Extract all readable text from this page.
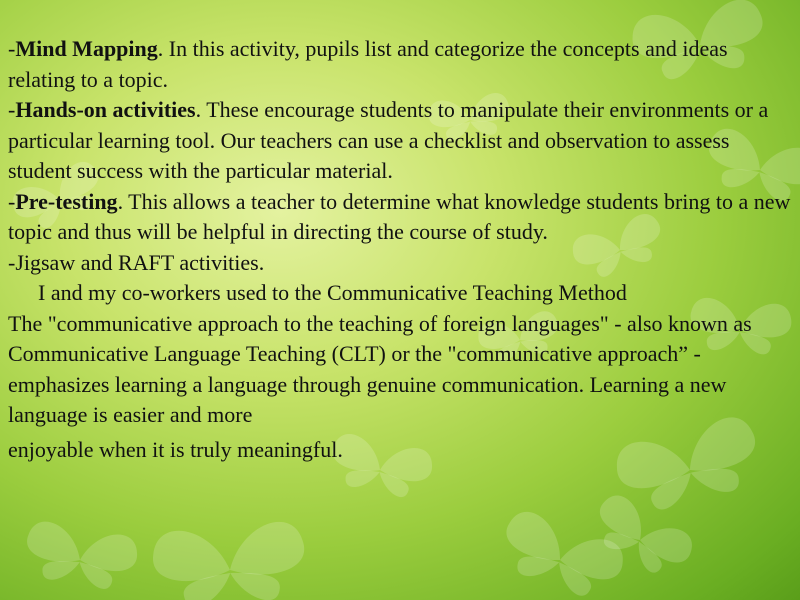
-Mind Mapping. In this activity, pupils list and categorize the concepts and ideas relating to a topic.

-Hands-on activities. These encourage students to manipulate their environments or a particular learning tool. Our teachers can use a checklist and observation to assess student success with the particular material.

-Pre-testing. This allows a teacher to determine what knowledge students bring to a new topic and thus will be helpful in directing the course of study.

-Jigsaw and RAFT activities.

I and my co-workers used to the Communicative Teaching Method

The "communicative approach to the teaching of foreign languages" - also known as Communicative Language Teaching (CLT) or the "communicative approach” - emphasizes learning a language through genuine communication. Learning a new language is easier and more

enjoyable when it is truly meaningful.
